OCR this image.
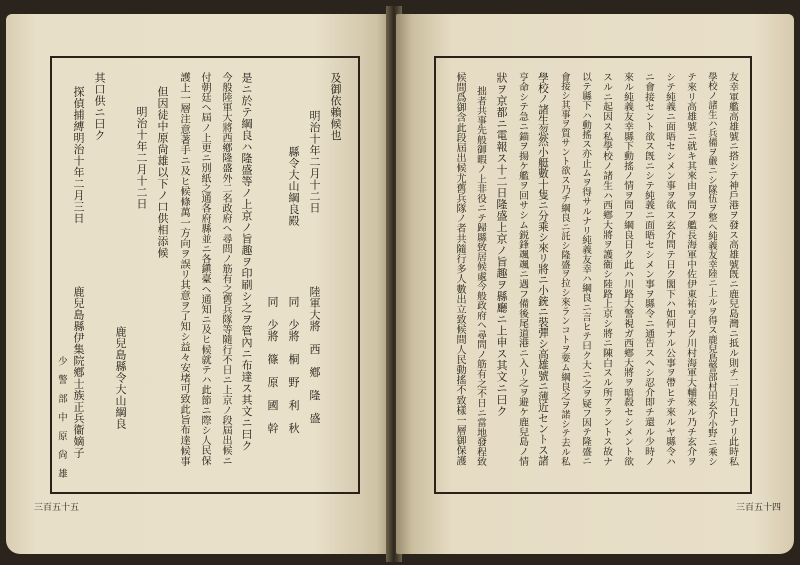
及御依賴候也
明治十年二月十二日
縣令大山綱良殿
陸軍大將　西　鄕　隆　盛
同　少將　桐　野　利　秋
同　少將　篠　原　國　幹
是ニ於テ綱良ハ隆盛等ノ上京ノ旨趣ヲ印刷シ之ヲ管內ニ布達ス其文ニ曰ク
今般陸軍大將西鄕隆盛外二名政府ヘ尋問ノ筋有之舊兵隊等隨行不日ニ上京ノ段屆出候ニ
付朝廷ヘ屆ノ上更ニ別紙之通各府縣並ニ各鎭臺ヘ通知ニ及ヒ候就テハ此節ニ際シ人民保
護上一層注意著手ニ及ヒ候條萬一方向ヲ誤リ其意ヲ了知シ益々安堵可致此旨布達候事
但因徒中原尙雄以下ノ口供相添候
明治十年二月十二日
鹿兒島縣令大山綱良
其口供ニ曰ク
探偵捕縛明治十年二月三日
鹿兒島縣伊集院鄕士族正兵衞嫡子
少　警　部　中　原　尙　雄
三百五十五
友幸軍艦高雄號ニ搭シテ神戶港ヲ發ス高雄號旣ニ鹿兒島灣ニ抵ル則チ二月九日ナリ此時私
學校ノ諸生ハ兵備ヲ嚴ニシ隊伍ヲ整ヘ純義友幸陸ニ上ルヲ得ス鹿兒島警部村田玄介小野ニ乘シ
テ來リ高雄號ニ就キ其來由ヲ問フ艦長海軍中佐伊東祐亨日ク川村海軍大輔來ル乃チ玄介ヲ
シテ純義ニ面晤セシメン事ヲ欲ス玄介問テ日ク閣下ハ如何ナル公事ヲ帶ヒテ來ルヤ縣令ハ
ニ會接セント欲ス旣ニシテ純義ニ面晤セシメン事ヲ縣令ニ通告スヘシ忍介即チ還ル少時ノ
來ル純義友幸縣下動搖ノ情ヲ問フ綱良日ク此ハ川路大警視ガ西鄕大將ヲ暗殺セシメント欲
スルニ起因ス私學校ノ諸生ハ西鄕大將ヲ護衞シ陸路上京シ將ニ陳白スル所アラントス故ナ
以テ縣下ハ動搖ス亦止ムヲ得サルナリ純義友幸ハ綱良ニ言ヒテ曰ク大ニ之ヲ疑フ因テ隆盛ニ
會接シ其事ヲ質サント欲ス乃チ綱良ニ託シ隆盛ヲ拉シ來ランコトヲ要ム綱良之ヲ諾シテ去ル私
學校ノ諸生忽然小艇數十隻ニ分乘シ來リ將ニ小銃ニ裝彈シ高雄號ニ薄近セントス諸
亨命シテ急ニ錨ヲ揚ケ艦ヲ回サシム鋭鋒颯颯ニ遇フ備後尾道港ニ入リ之ヲ避ケ鹿兒島ノ情
狀ヲ京都ニ電報ス十二日隆盛上京ノ旨趣ヲ縣廳ニ上申ス其文ニ曰ク
拙者共事先般御暇ノ上非役ニテ歸縣致居候處今般政府ヘ尋問ノ筋有之不日ニ當地發程致
候間爲御含此段屆出候尤舊兵隊ノ者共隨行多人數出立致候間人民動搖不致樣一層御保護
三百五十四
